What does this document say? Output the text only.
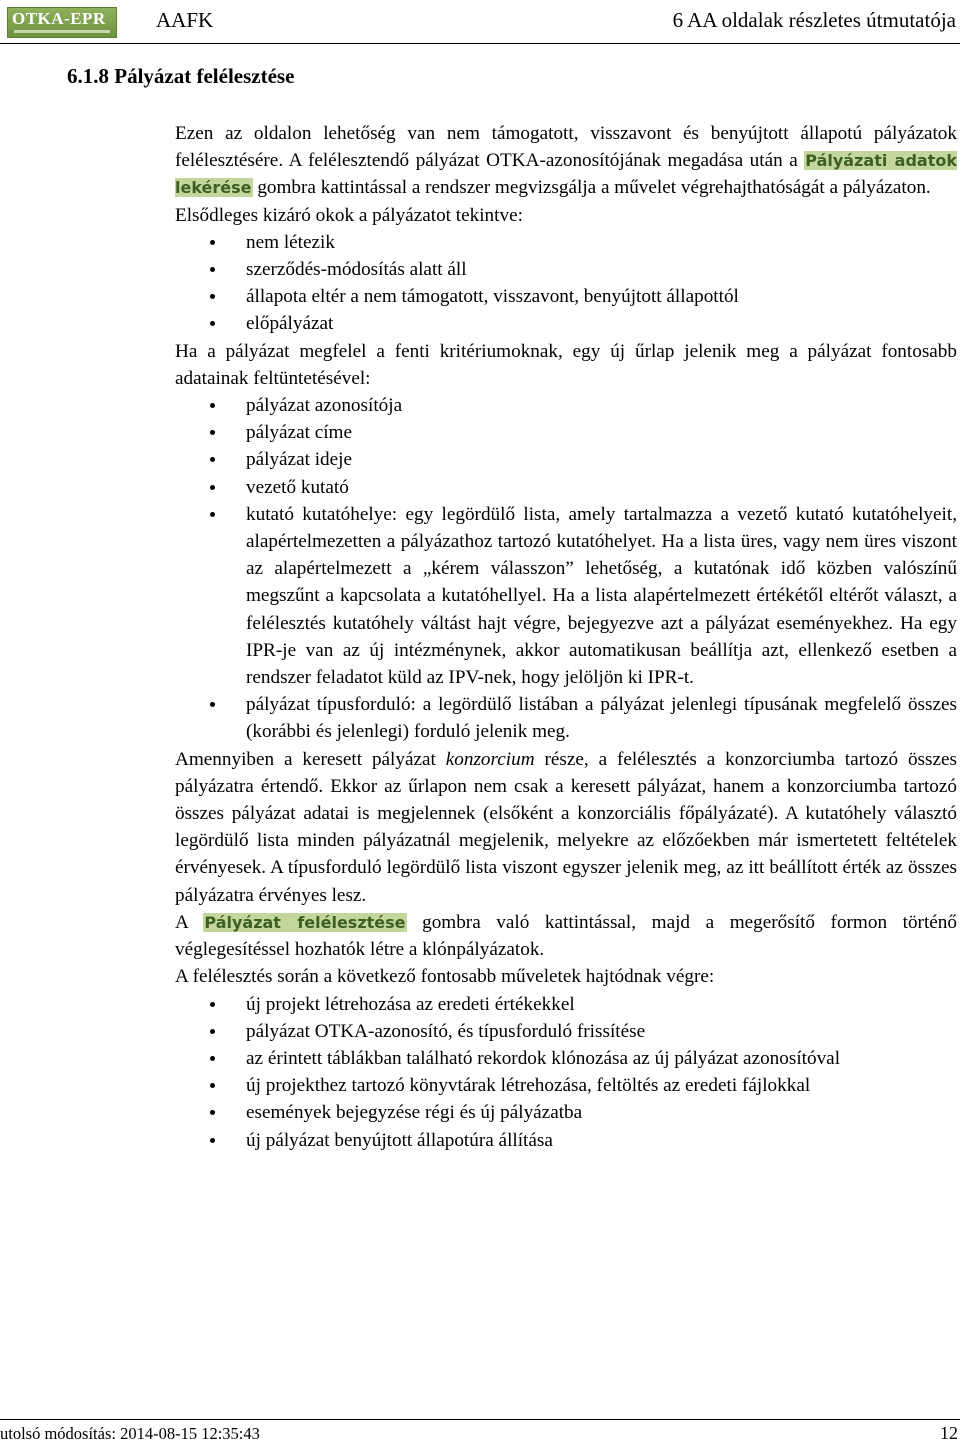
OTKA-EPR AAFK	6 AA oldalak részletes útmutatója
6.1.8 Pályázat felélesztése

Ezen az oldalon lehetőség van nem támogatott, visszavont és benyújtott állapotú pályázatok felélesztésére. A felélesztendő pályázat OTKA-azonosítójának megadása után a Pályázati adatok lekérése gombra kattintással a rendszer megvizsgálja a művelet végrehajthatóságát a pályázaton.

Elsődleges kizáró okok a pályázatot tekintve:

nem létezik
szerződés-módosítás alatt áll
állapota eltér a nem támogatott, visszavont, benyújtott állapottól
előpályázat

Ha a pályázat megfelel a fenti kritériumoknak, egy új űrlap jelenik meg a pályázat fontosabb adatainak feltüntetésével:

pályázat azonosítója
pályázat címe
pályázat ideje
vezető kutató
kutató kutatóhelye: egy legördülő lista, amely tartalmazza a vezető kutató kutatóhelyeit, alapértelmezetten a pályázathoz tartozó kutatóhelyet. Ha a lista üres, vagy nem üres viszont az alapértelmezett a „kérem válasszon” lehetőség, a kutatónak idő közben valószínű megszűnt a kapcsolata a kutatóhellyel. Ha a lista alapértelmezett értékétől eltérőt választ, a felélesztés kutatóhely váltást hajt végre, bejegyezve azt a pályázat eseményekhez. Ha egy IPR-je van az új intézménynek, akkor automatikusan beállítja azt, ellenkező esetben a rendszer feladatot küld az IPV-nek, hogy jelöljön ki IPR-t.
pályázat típusforduló: a legördülő listában a pályázat jelenlegi típusának megfelelő összes (korábbi és jelenlegi) forduló jelenik meg.

Amennyiben a keresett pályázat konzorcium része, a felélesztés a konzorciumba tartozó összes pályázatra értendő. Ekkor az űrlapon nem csak a keresett pályázat, hanem a konzorciumba tartozó összes pályázat adatai is megjelennek (elsőként a konzorciális főpályázaté). A kutatóhely választó legördülő lista minden pályázatnál megjelenik, melyekre az előzőekben már ismertetett feltételek érvényesek. A típusforduló legördülő lista viszont egyszer jelenik meg, az itt beállított érték az összes pályázatra érvényes lesz.

A Pályázat felélesztése gombra való kattintással, majd a megerősítő formon történő véglegesítéssel hozhatók létre a klónpályázatok.

A felélesztés során a következő fontosabb műveletek hajtódnak végre:

új projekt létrehozása az eredeti értékekkel
pályázat OTKA-azonosító, és típusforduló frissítése
az érintett táblákban található rekordok klónozása az új pályázat azonosítóval
új projekthez tartozó könyvtárak létrehozása, feltöltés az eredeti fájlokkal
események bejegyzése régi és új pályázatba
új pályázat benyújtott állapotúra állítása
utolsó módosítás: 2014-08-15 12:35:43	12
